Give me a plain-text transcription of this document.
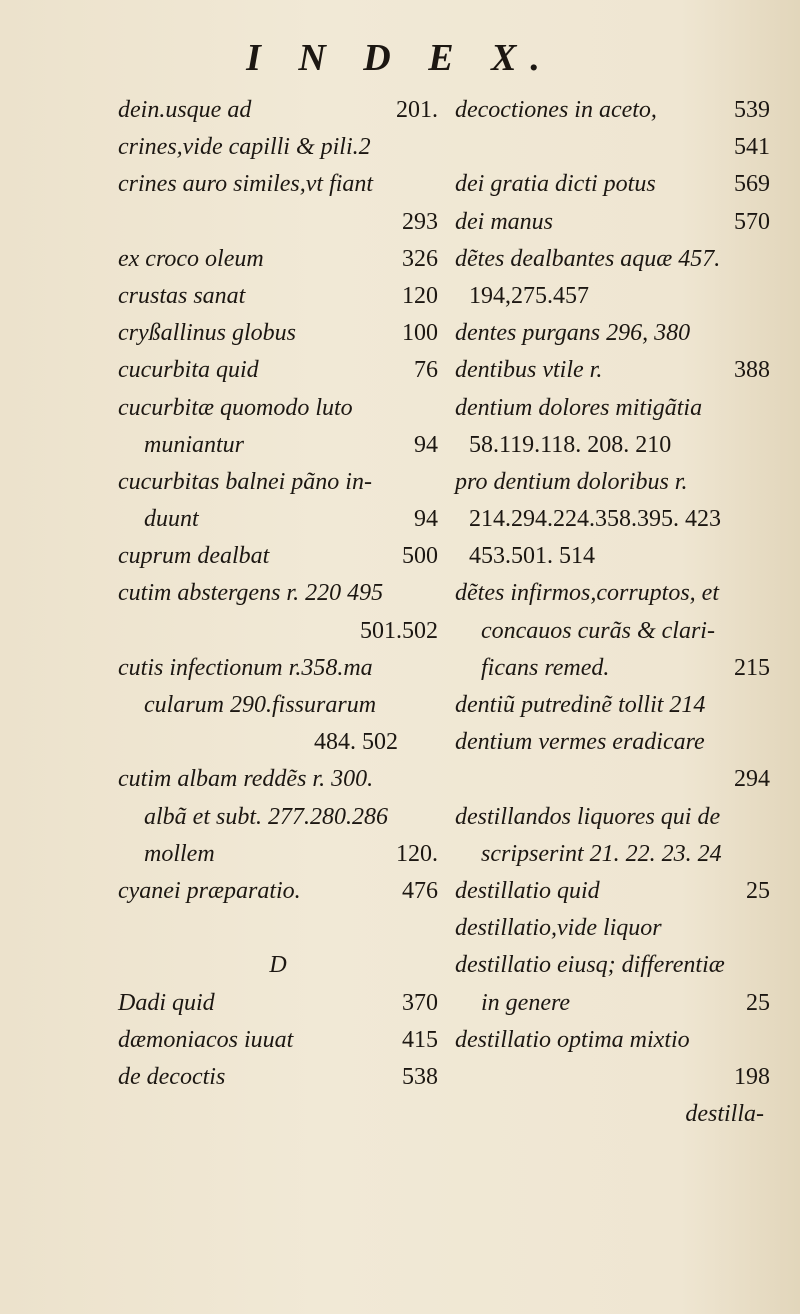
I N D E X.
dein.usque ad	201.
crines,vide capilli & pili.2
crines auro similes,vt fiant
293
ex croco oleum	326
crustas sanat	120
cryßallinus globus	100
cucurbita quid	76
cucurbitæ quomodo luto
muniantur	94
cucurbitas balnei pãno in-
duunt	94
cuprum dealbat	500
cutim abstergens r. 220 495
501.502
cutis infectionum r.358.ma
cularum 290.fissurarum
484. 502
cutim albam reddẽs r. 300.
albã et subt. 277.280.286
mollem	120.
cyanei præparatio.	476
D
Dadi quid	370
dæmoniacos iuuat	415
de decoctis	538
decoctiones in aceto,	539
541
dei gratia dicti potus	569
dei manus	570
dẽtes dealbantes aquæ 457.
194,275.457
dentes purgans 296, 380
dentibus vtile r.	388
dentium dolores mitigãtia
58.119.118. 208. 210
pro dentium doloribus r.
214.294.224.358.395. 423
453.501. 514
dẽtes infirmos,corruptos, et
concauos curãs & clari-
ficans remed.	215
dentiũ putredinẽ tollit 214
dentium vermes eradicare
294
destillandos liquores qui de
scripserint 21. 22. 23. 24
destillatio quid	25
destillatio,vide liquor
destillatio eiusq; differentiæ
in genere	25
destillatio optima mixtio
198
destilla-
